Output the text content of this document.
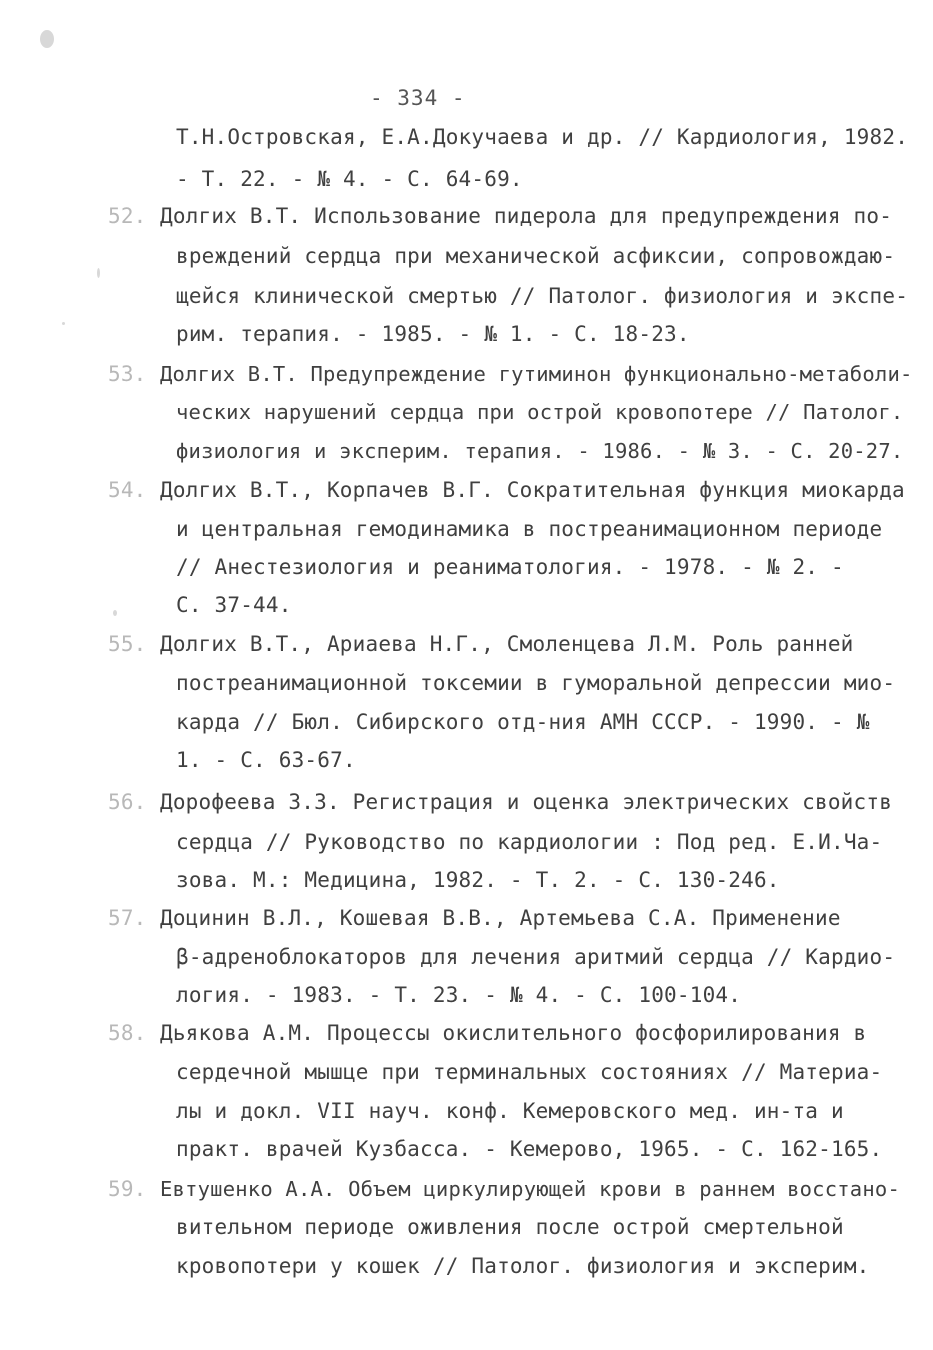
- 334 -
Т.Н.Островская, Е.А.Докучаева и др. // Кардиология, 1982.
- Т. 22. - № 4. - С. 64-69.
52. Долгих В.Т. Использование пидерола для предупреждения по-
вреждений сердца при механической асфиксии, сопровождаю-
щейся клинической смертью // Патолог. физиология и экспе-
рим. терапия. - 1985. - № 1. - С. 18-23.
53. Долгих В.Т. Предупреждение гутиминон функционально-метаболи-
ческих нарушений сердца при острой кровопотере // Патолог.
физиология и эксперим. терапия. - 1986. - № 3. - С. 20-27.
54. Долгих В.Т., Корпачев В.Г. Сократительная функция миокарда
и центральная гемодинамика в постреанимационном периоде
// Анестезиология и реаниматология. - 1978. - № 2. -
С. 37-44.
55. Долгих В.Т., Ариаева Н.Г., Смоленцева Л.М. Роль ранней
постреанимационной токсемии в гуморальной депрессии мио-
карда // Бюл. Сибирского отд-ния АМН СССР. - 1990. - №
1. - С. 63-67.
56. Дорофеева З.З. Регистрация и оценка электрических свойств
сердца // Руководство по кардиологии : Под ред. Е.И.Ча-
зова. М.: Медицина, 1982. - Т. 2. - С. 130-246.
57. Доцинин В.Л., Кошевая В.В., Артемьева С.А. Применение
β-адреноблокаторов для лечения аритмий сердца // Кардио-
логия. - 1983. - Т. 23. - № 4. - С. 100-104.
58. Дьякова А.М. Процессы окислительного фосфорилирования в
сердечной мышце при терминальных состояниях // Материа-
лы и докл. VII науч. конф. Кемеровского мед. ин-та и
практ. врачей Кузбасса. - Кемерово, 1965. - С. 162-165.
59. Евтушенко А.А. Объем циркулирующей крови в раннем восстано-
вительном периоде оживления после острой смертельной
кровопотери у кошек // Патолог. физиология и эксперим.
